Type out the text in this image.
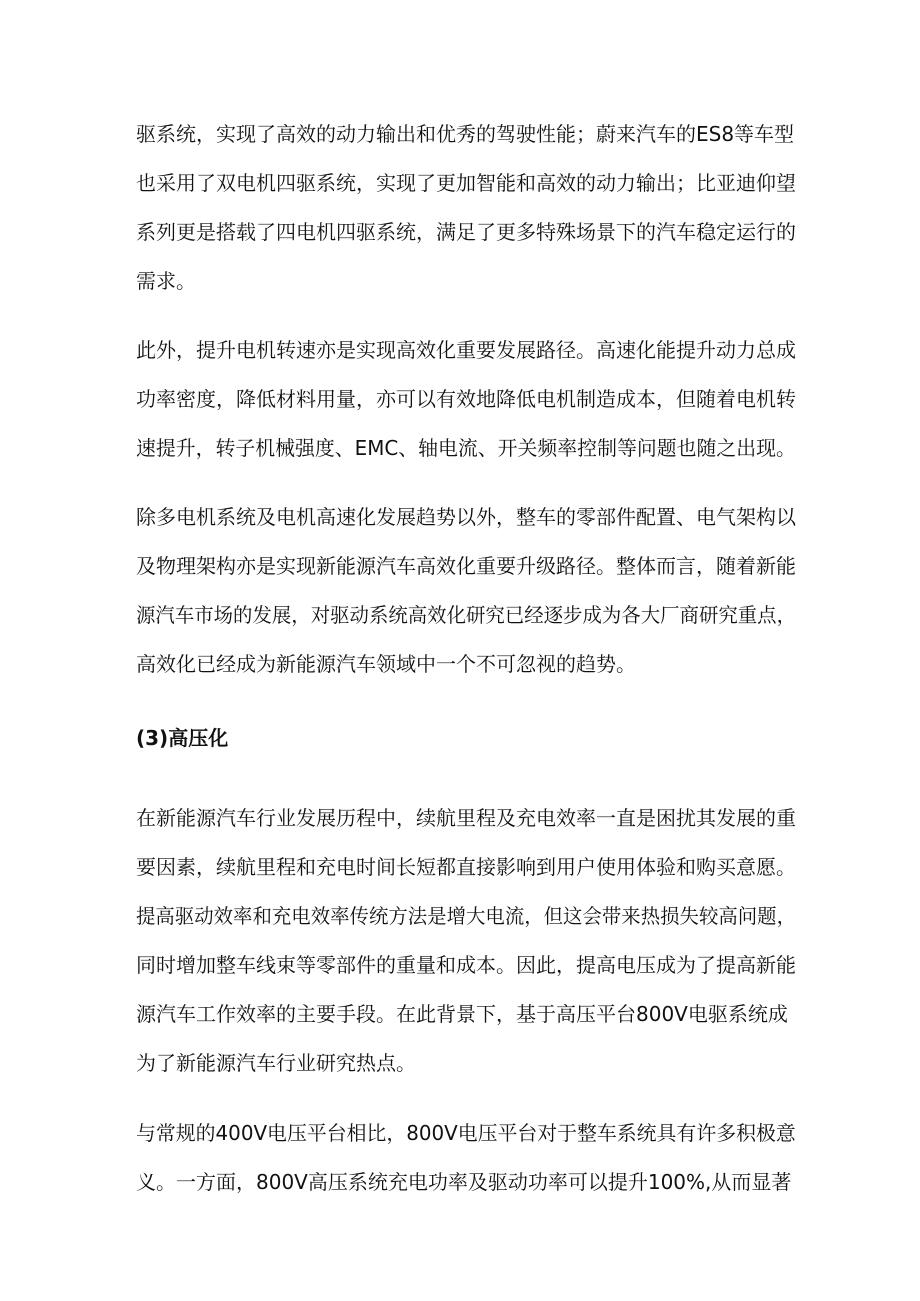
驱系统，实现了高效的动力输出和优秀的驾驶性能；蔚来汽车的ES8等车型
也采用了双电机四驱系统，实现了更加智能和高效的动力输出；比亚迪仰望
系列更是搭载了四电机四驱系统，满足了更多特殊场景下的汽车稳定运行的
需求。
此外，提升电机转速亦是实现高效化重要发展路径。高速化能提升动力总成
功率密度，降低材料用量，亦可以有效地降低电机制造成本，但随着电机转
速提升，转子机械强度、EMC、轴电流、开关频率控制等问题也随之出现。
除多电机系统及电机高速化发展趋势以外，整车的零部件配置、电气架构以
及物理架构亦是实现新能源汽车高效化重要升级路径。整体而言，随着新能
源汽车市场的发展，对驱动系统高效化研究已经逐步成为各大厂商研究重点，
高效化已经成为新能源汽车领域中一个不可忽视的趋势。
(3)高压化
在新能源汽车行业发展历程中，续航里程及充电效率一直是困扰其发展的重
要因素，续航里程和充电时间长短都直接影响到用户使用体验和购买意愿。
提高驱动效率和充电效率传统方法是增大电流，但这会带来热损失较高问题，
同时增加整车线束等零部件的重量和成本。因此，提高电压成为了提高新能
源汽车工作效率的主要手段。在此背景下，基于高压平台800V电驱系统成
为了新能源汽车行业研究热点。
与常规的400V电压平台相比，800V电压平台对于整车系统具有许多积极意
义。一方面，800V高压系统充电功率及驱动功率可以提升100%,从而显著
